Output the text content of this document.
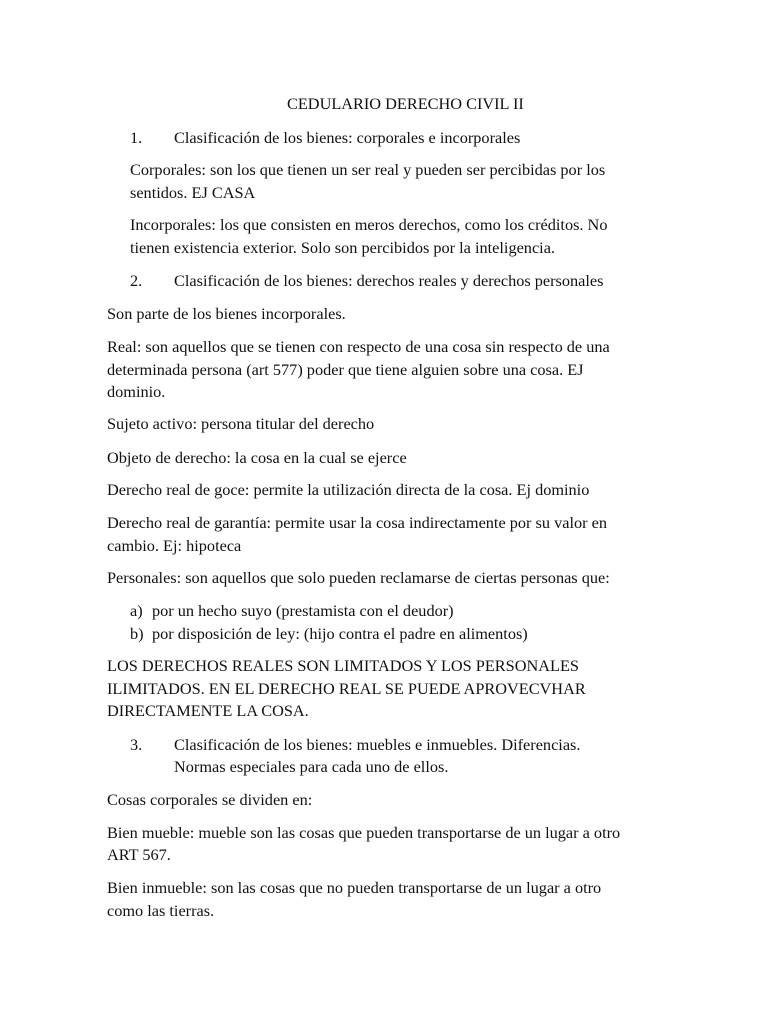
CEDULARIO DERECHO CIVIL II
1. Clasificación de los bienes: corporales e incorporales
Corporales: son los que tienen un ser real y pueden ser percibidas por los
sentidos. EJ CASA
Incorporales: los que consisten en meros derechos, como los créditos. No
tienen existencia exterior. Solo son percibidos por la inteligencia.
2. Clasificación de los bienes: derechos reales y derechos personales
Son parte de los bienes incorporales.
Real: son aquellos que se tienen con respecto de una cosa sin respecto de una
determinada persona (art 577) poder que tiene alguien sobre una cosa. EJ
dominio.
Sujeto activo: persona titular del derecho
Objeto de derecho: la cosa en la cual se ejerce
Derecho real de goce: permite la utilización directa de la cosa. Ej dominio
Derecho real de garantía: permite usar la cosa indirectamente por su valor en
cambio. Ej: hipoteca
Personales: son aquellos que solo pueden reclamarse de ciertas personas que:
a) por un hecho suyo (prestamista con el deudor)
b) por disposición de ley: (hijo contra el padre en alimentos)
LOS DERECHOS REALES SON LIMITADOS Y LOS PERSONALES
ILIMITADOS. EN EL DERECHO REAL SE PUEDE APROVECVHAR
DIRECTAMENTE LA COSA.
3. Clasificación de los bienes: muebles e inmuebles. Diferencias.
Normas especiales para cada uno de ellos.
Cosas corporales se dividen en:
Bien mueble: mueble son las cosas que pueden transportarse de un lugar a otro
ART 567.
Bien inmueble: son las cosas que no pueden transportarse de un lugar a otro
como las tierras.
